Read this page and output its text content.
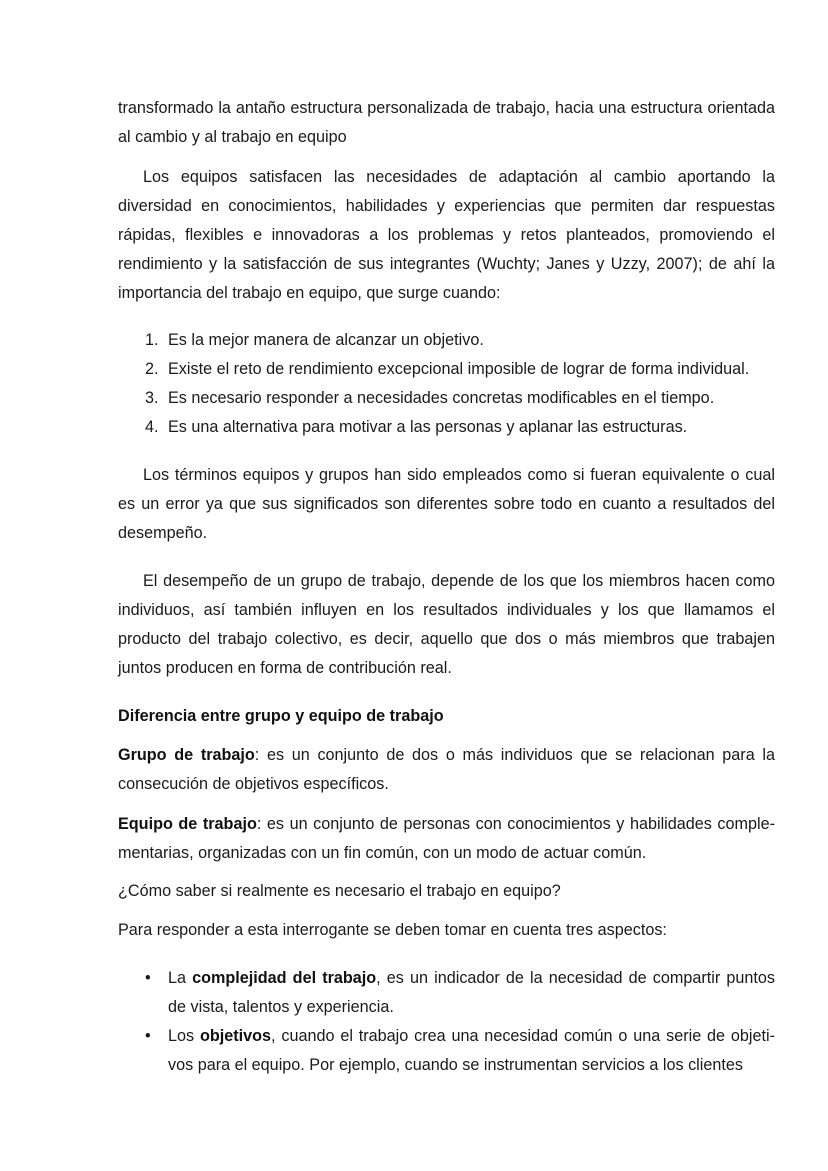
transformado la antaño estructura personalizada de trabajo, hacia una estructura orientada al cambio y al trabajo en equipo

Los equipos satisfacen las necesidades de adaptación al cambio aportando la diversidad en conocimientos, habilidades y experiencias que permiten dar respuestas rápidas, flexibles e innovadoras a los problemas y retos planteados, promoviendo el rendimiento y la satisfacción de sus integrantes (Wuchty; Janes y Uzzy, 2007); de ahí la importancia del trabajo en equipo, que surge cuando:

1. Es la mejor manera de alcanzar un objetivo.
2. Existe el reto de rendimiento excepcional imposible de lograr de forma individual.
3. Es necesario responder a necesidades concretas modificables en el tiempo.
4. Es una alternativa para motivar a las personas y aplanar las estructuras.

Los términos equipos y grupos han sido empleados como si fueran equivalente o cual es un error ya que sus significados son diferentes sobre todo en cuanto a resultados del desempeño.

El desempeño de un grupo de trabajo, depende de los que los miembros hacen como individuos, así también influyen en los resultados individuales y los que llamamos el producto del trabajo colectivo, es decir, aquello que dos o más miembros que trabajen juntos producen en forma de contribución real.

Diferencia entre grupo y equipo de trabajo

Grupo de trabajo: es un conjunto de dos o más individuos que se relacionan para la consecución de objetivos específicos.

Equipo de trabajo: es un conjunto de personas con conocimientos y habilidades comple-mentarias, organizadas con un fin común, con un modo de actuar común.

¿Cómo saber si realmente es necesario el trabajo en equipo?

Para responder a esta interrogante se deben tomar en cuenta tres aspectos:

•	La complejidad del trabajo, es un indicador de la necesidad de compartir puntos de vista, talentos y experiencia.
•	Los objetivos, cuando el trabajo crea una necesidad común o una serie de objeti-vos para el equipo. Por ejemplo, cuando se instrumentan servicios a los clientes
